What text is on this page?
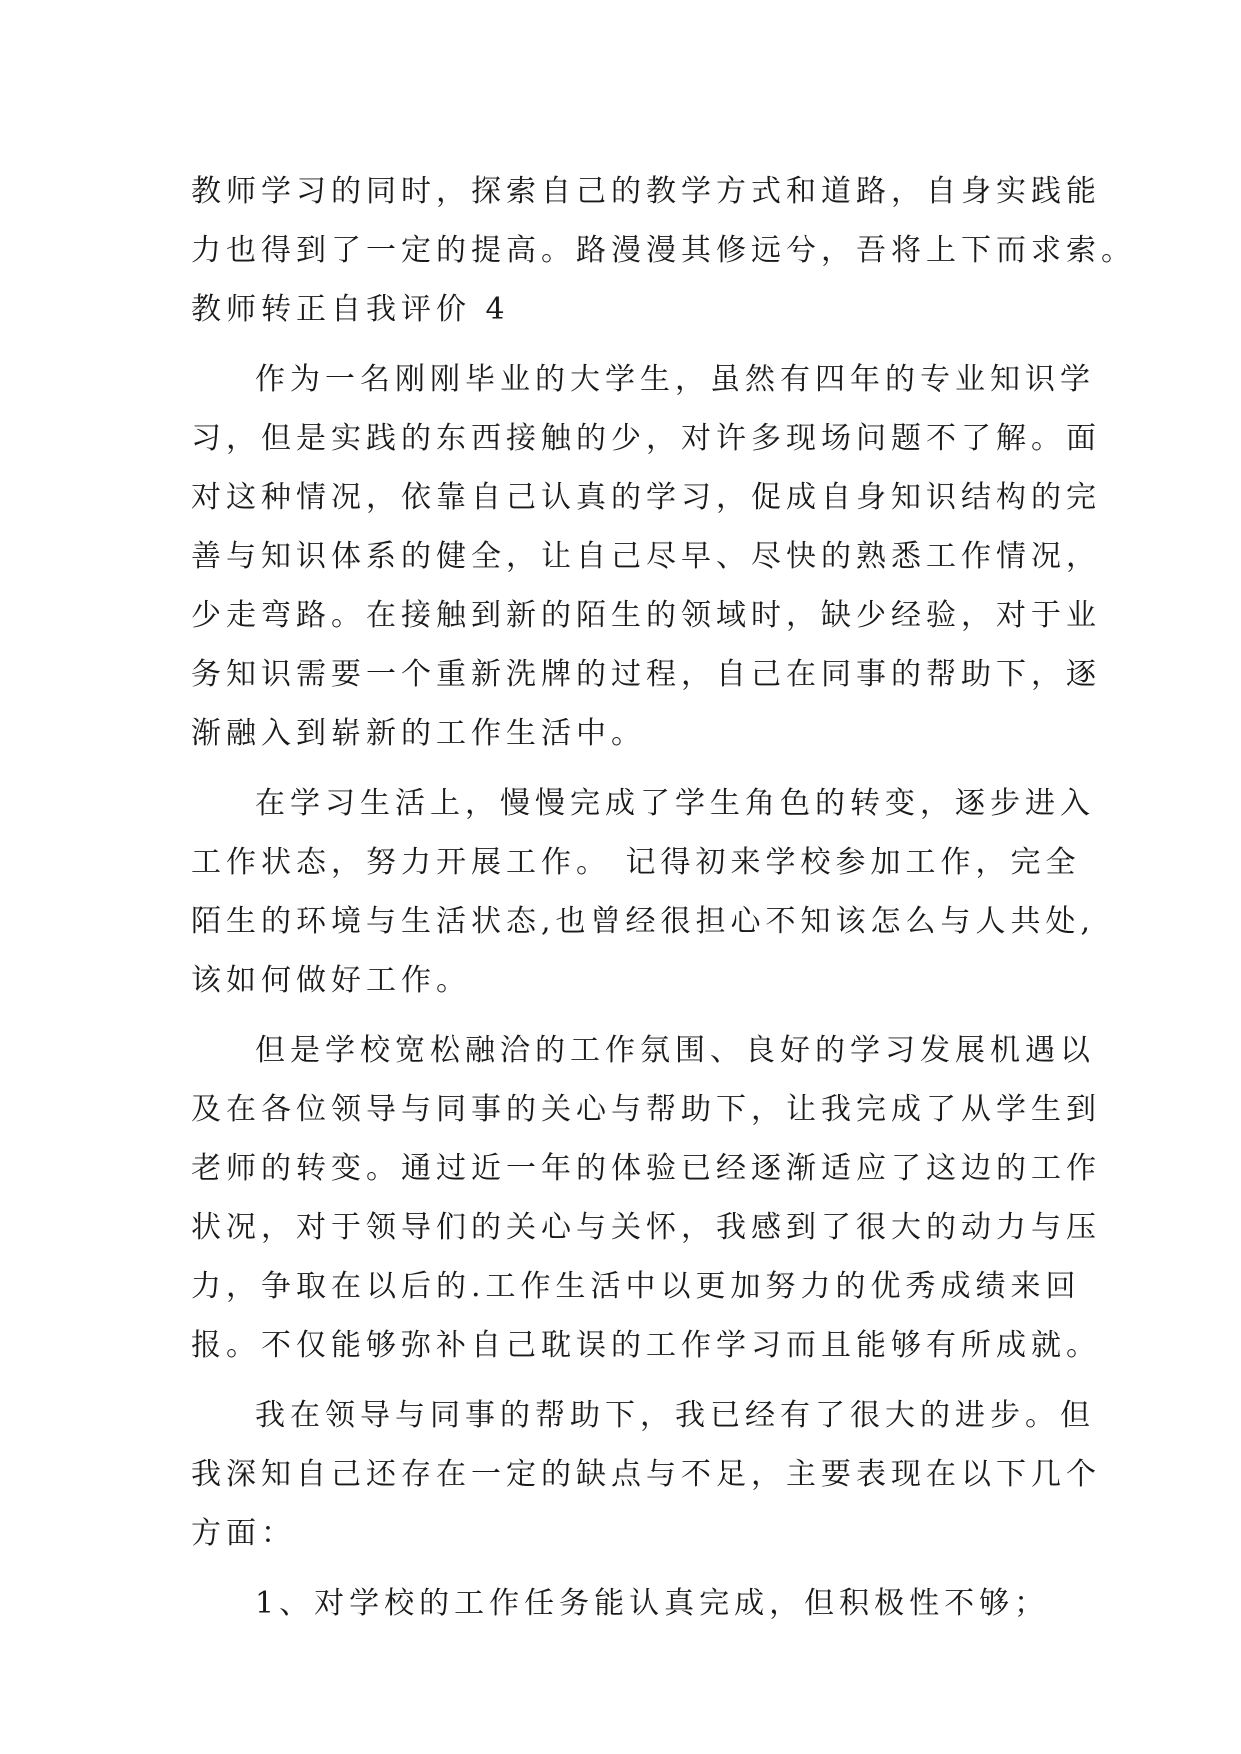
教师学习的同时，探索自己的教学方式和道路，自身实践能
力也得到了一定的提高。路漫漫其修远兮，吾将上下而求索。
教师转正自我评价 4
作为一名刚刚毕业的大学生，虽然有四年的专业知识学
习，但是实践的东西接触的少，对许多现场问题不了解。面
对这种情况，依靠自己认真的学习，促成自身知识结构的完
善与知识体系的健全，让自己尽早、尽快的熟悉工作情况，
少走弯路。在接触到新的陌生的领域时，缺少经验，对于业
务知识需要一个重新洗牌的过程，自己在同事的帮助下，逐
渐融入到崭新的工作生活中。
在学习生活上，慢慢完成了学生角色的转变，逐步进入
工作状态，努力开展工作。 记得初来学校参加工作，完全
陌生的环境与生活状态,也曾经很担心不知该怎么与人共处,
该如何做好工作。
但是学校宽松融洽的工作氛围、良好的学习发展机遇以
及在各位领导与同事的关心与帮助下，让我完成了从学生到
老师的转变。通过近一年的体验已经逐渐适应了这边的工作
状况，对于领导们的关心与关怀，我感到了很大的动力与压
力，争取在以后的.工作生活中以更加努力的优秀成绩来回
报。不仅能够弥补自己耽误的工作学习而且能够有所成就。
我在领导与同事的帮助下，我已经有了很大的进步。但
我深知自己还存在一定的缺点与不足，主要表现在以下几个
方面：
1、对学校的工作任务能认真完成，但积极性不够；
